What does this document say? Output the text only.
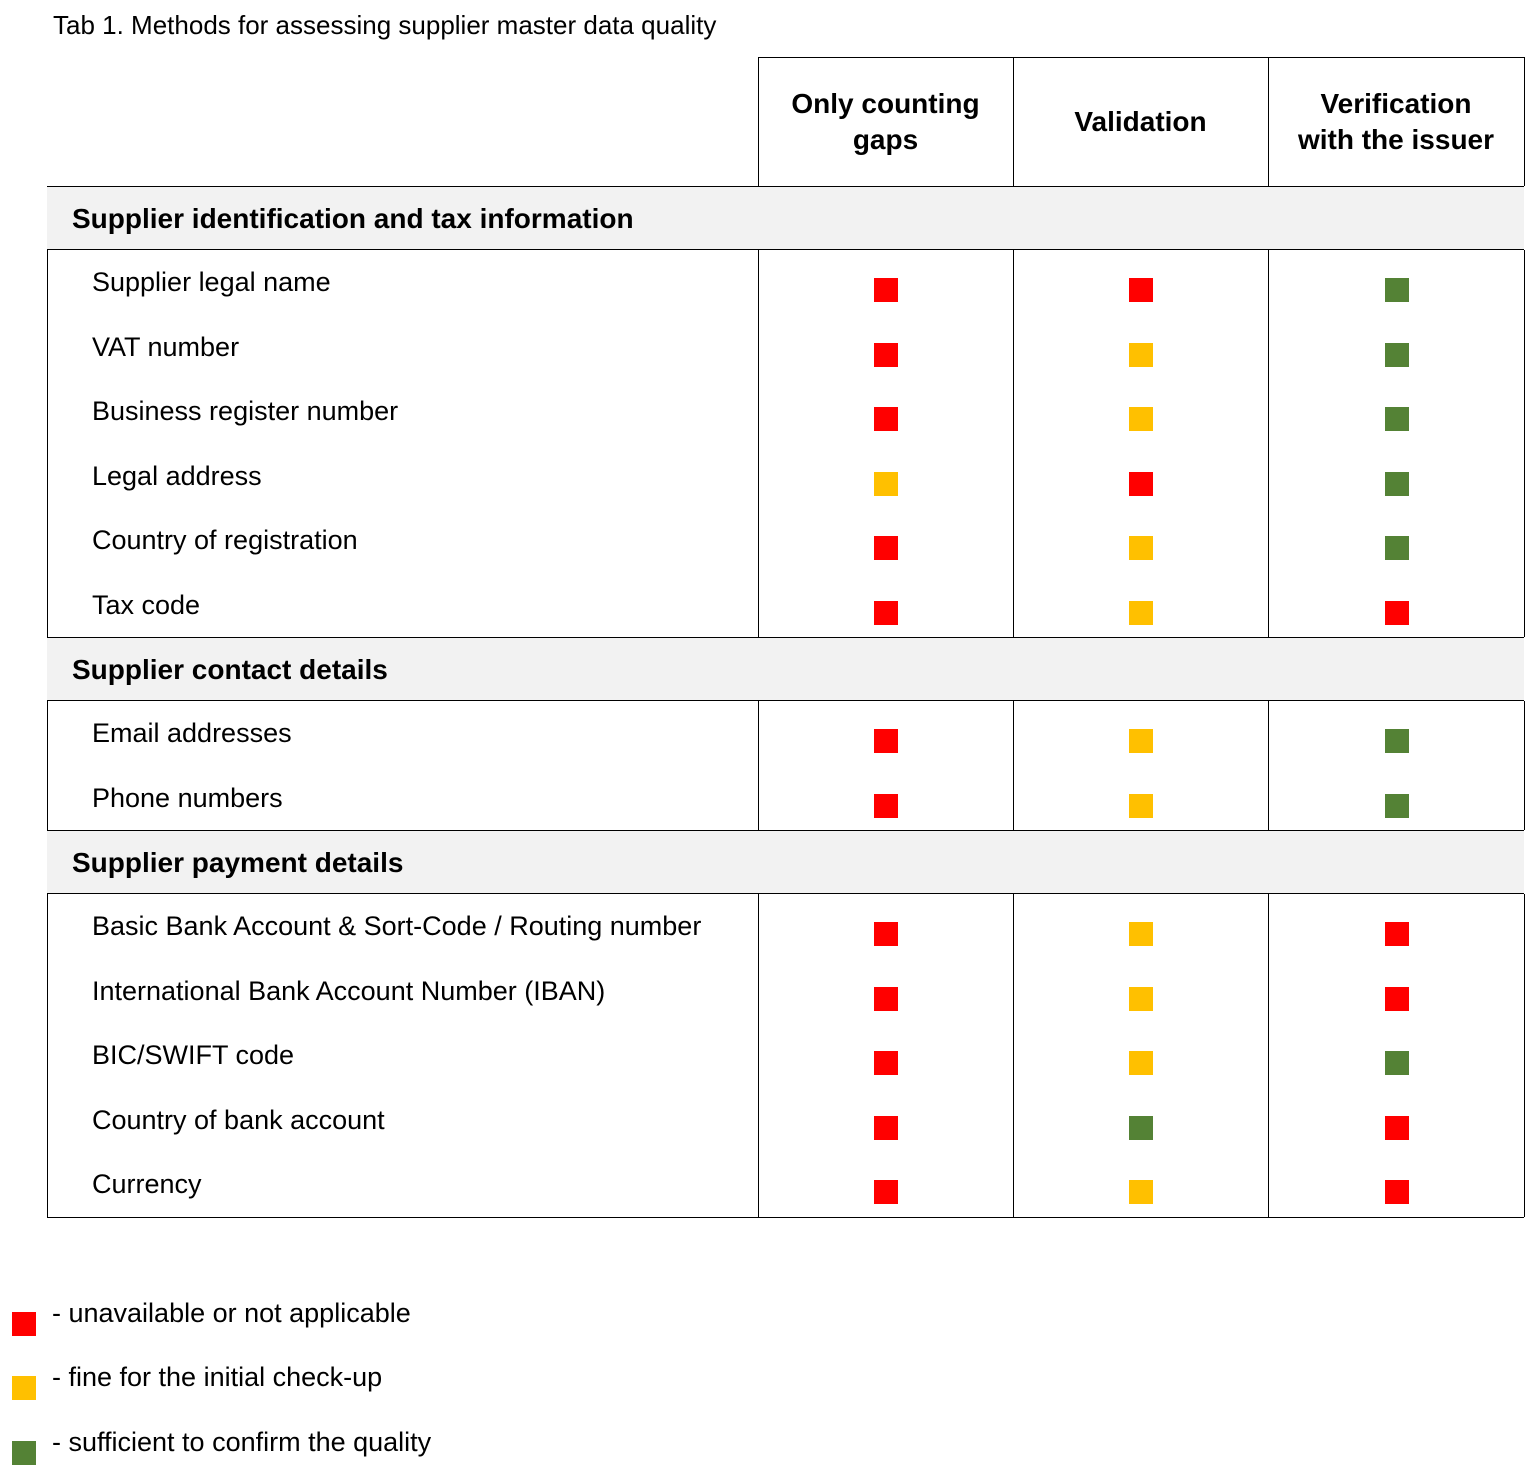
Tab 1. Methods for assessing supplier master data quality
- unavailable or not applicable
- fine for the initial check-up
- sufficient to confirm the quality
Only counting
gaps
Validation
Verification
with the issuer
Supplier identification and tax information
Supplier legal name
VAT number
Business register number
Legal address
Country of registration
Tax code
Supplier contact details
Email addresses
Phone numbers
Supplier payment details
Basic Bank Account & Sort-Code / Routing number
International Bank Account Number (IBAN)
BIC/SWIFT code
Country of bank account
Currency
